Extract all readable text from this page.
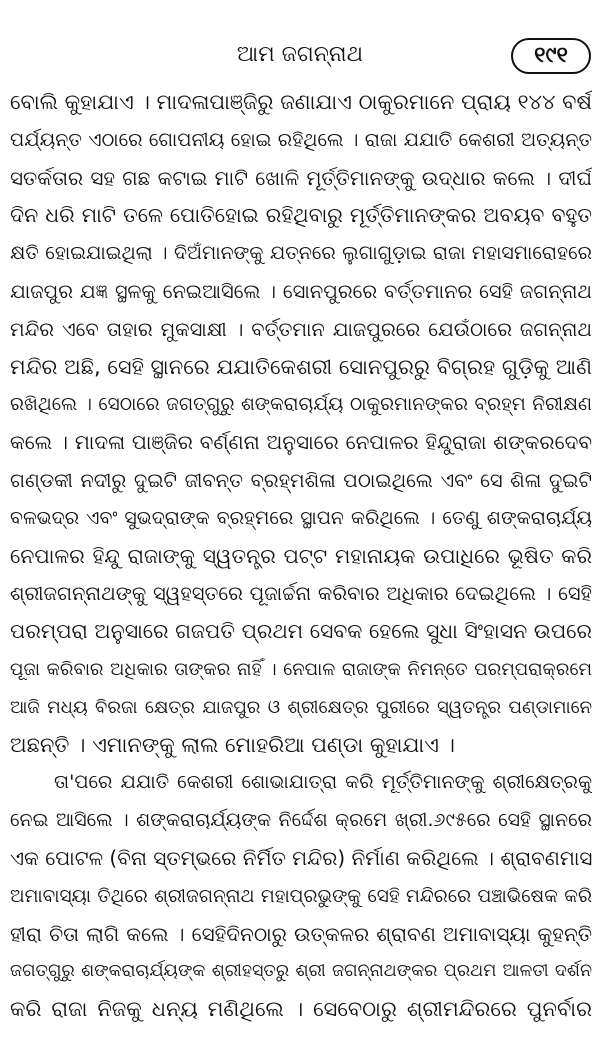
ଆମ ଜଗନ୍ନାଥ	୧୯୧
ବୋଲି କୁହାଯାଏ । ମାଦଳାପାଞ୍ଜିରୁ ଜଣାଯାଏ ଠାକୁରମାନେ ପ୍ରାୟ ୧୪୪ ବର୍ଷ
ପର୍ଯ୍ୟନ୍ତ ଏଠାରେ ଗୋପନୀୟ ହୋଇ ରହିଥିଲେ । ରାଜା ଯଯାତି କେଶରୀ ଅତ୍ୟନ୍ତ
ସତର୍କତାର ସହ ଗଛ କଟାଇ ମାଟି ଖୋଳି ମୂର୍ତ୍ତିମାନଙ୍କୁ ଉଦ୍ଧାର କଲେ । ଦୀର୍ଘ
ଦିନ ଧରି ମାଟି ତଳେ ପୋତିହୋଇ ରହିଥିବାରୁ ମୂର୍ତ୍ତିମାନଙ୍କର ଅବୟବ ବହୁତ
କ୍ଷତି ହୋଇଯାଇଥିଲା । ଦିଅଁମାନଙ୍କୁ ଯତ୍ନରେ ଲୁଗାଗୁଡ଼ାଇ ରାଜା ମହାସମାରୋହରେ
ଯାଜପୁର ଯଜ୍ଞ ସ୍ଥଳକୁ ନେଇଆସିଲେ । ସୋନପୁରରେ ବର୍ତ୍ତମାନର ସେହି ଜଗନ୍ନାଥ
ମନ୍ଦିର ଏବେ ତାହାର ମୁକସାକ୍ଷୀ । ବର୍ତ୍ତମାନ ଯାଜପୁରରେ ଯେଉଁଠାରେ ଜଗନ୍ନାଥ
ମନ୍ଦିର ଅଛି, ସେହି ସ୍ଥାନରେ ଯଯାତିକେଶରୀ ସୋନପୁରରୁ ବିଗ୍ରହ ଗୁଡ଼ିକୁ ଆଣି
ରଖିଥିଲେ । ସେଠାରେ ଜଗତ୍‌ଗୁରୁ ଶଙ୍କରାଚାର୍ଯ୍ୟ ଠାକୁରମାନଙ୍କର ବ୍ରହ୍ମ ନିରୀକ୍ଷଣ
କଲେ । ମାଦଳା ପାଞ୍ଜିର ବର୍ଣ୍ଣନା ଅନୁସାରେ ନେପାଳର ହିନ୍ଦୁରାଜା ଶଙ୍କରଦେବ
ଗଣ୍ଡକୀ ନଦୀରୁ ଦୁଇଟି ଜୀବନ୍ତ ବ୍ରହ୍ମଶିଳା ପଠାଇଥିଲେ ଏବଂ ସେ ଶିଳା ଦୁଇଟି
ବଳଭଦ୍ର ଏବଂ ସୁଭଦ୍ରାଙ୍କ ବ୍ରହ୍ମରେ ସ୍ଥାପନ କରିଥିଲେ । ତେଣୁ ଶଙ୍କରାଚାର୍ଯ୍ୟ
ନେପାଳର ହିନ୍ଦୁ ରାଜାଙ୍କୁ ସ୍ୱତନ୍ତ୍ର ପଟ୍ଟ ମହାନାୟକ ଉପାଧିରେ ଭୂଷିତ କରି
ଶ୍ରୀଜଗନ୍ନାଥଙ୍କୁ ସ୍ୱହସ୍ତରେ ପୂଜାର୍ଚ୍ଚନା କରିବାର ଅଧିକାର ଦେଇଥିଲେ । ସେହି
ପରମ୍ପରା ଅନୁସାରେ ଗଜପତି ପ୍ରଥମ ସେବକ ହେଲେ ସୁଧା ସିଂହାସନ ଉପରେ
ପୂଜା କରିବାର ଅଧିକାର ତାଙ୍କର ନାହିଁ । ନେପାଳ ରାଜାଙ୍କ ନିମନ୍ତେ ପରମ୍ପରାକ୍ରମେ
ଆଜି ମଧ୍ୟ ବିରଜା କ୍ଷେତ୍ର ଯାଜପୁର ଓ ଶ୍ରୀକ୍ଷେତ୍ର ପୁରୀରେ ସ୍ୱତନ୍ତ୍ର ପଣ୍ଡାମାନେ
ଅଛନ୍ତି । ଏମାନଙ୍କୁ ଲାଲ ମୋହରିଆ ପଣ୍ଡା କୁହାଯାଏ ।
ତା'ପରେ ଯଯାତି କେଶରୀ ଶୋଭାଯାତ୍ରା କରି ମୂର୍ତ୍ତିମାନଙ୍କୁ ଶ୍ରୀକ୍ଷେତ୍ରକୁ
ନେଇ ଆସିଲେ । ଶଙ୍କରାଚାର୍ଯ୍ୟଙ୍କ ନିର୍ଦ୍ଦେଶ କ୍ରମେ ଖ୍ରୀ.୬୯୫ରେ ସେହି ସ୍ଥାନରେ
ଏକ ପୋଟଳ (ବିନା ସ୍ତମ୍ଭରେ ନିର୍ମିତ ମନ୍ଦିର) ନିର୍ମାଣ କରିଥିଲେ । ଶ୍ରାବଣମାସ
ଅମାବାସ୍ୟା ତିଥିରେ ଶ୍ରୀଜଗନ୍ନାଥ ମହାପ୍ରଭୁଙ୍କୁ ସେହି ମନ୍ଦିରରେ ପଞ୍ଚାଭିଷେକ କରି
ହୀରା ଚିତା ଲାଗି କଲେ । ସେହିଦିନଠାରୁ ଉତ୍କଳର ଶ୍ରାବଣ ଅମାବାସ୍ୟା କୁହନ୍ତି
ଜଗତ୍‌ଗୁରୁ ଶଙ୍କରାଚାର୍ଯ୍ୟଙ୍କ ଶ୍ରୀହସ୍ତରୁ ଶ୍ରୀ ଜଗନ୍ନାଥଙ୍କର ପ୍ରଥମ ଆଳତୀ ଦର୍ଶନ
କରି ରାଜା ନିଜକୁ ଧନ୍ୟ ମଣିଥିଲେ । ସେବେଠାରୁ ଶ୍ରୀମନ୍ଦିରରେ ପୁନର୍ବାର
